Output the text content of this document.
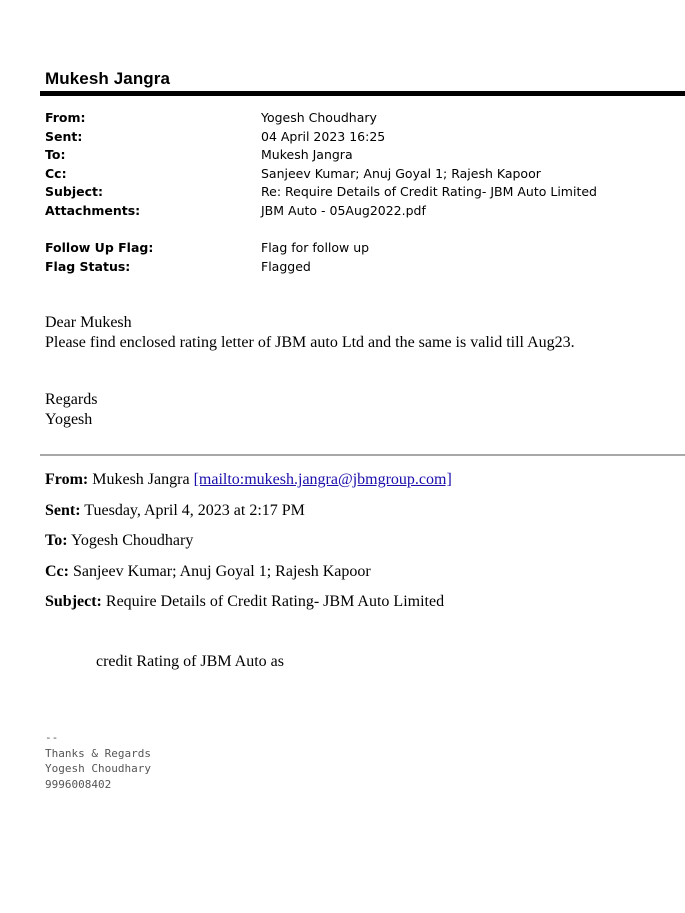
Mukesh Jangra
From:	Yogesh Choudhary
Sent:	04 April 2023 16:25
To:	Mukesh Jangra
Cc:	Sanjeev Kumar; Anuj Goyal 1; Rajesh Kapoor
Subject:	Re: Require Details of Credit Rating- JBM Auto Limited
Attachments:	JBM Auto - 05Aug2022.pdf
Follow Up Flag:	Flag for follow up
Flag Status:	Flagged
Dear Mukesh
Please find enclosed rating letter of JBM auto Ltd and the same is valid till Aug23.
Regards
Yogesh
From: Mukesh Jangra [mailto:mukesh.jangra@jbmgroup.com]
Sent: Tuesday, April 4, 2023 at 2:17 PM
To: Yogesh Choudhary
Cc: Sanjeev Kumar; Anuj Goyal 1; Rajesh Kapoor
Subject: Require Details of Credit Rating- JBM Auto Limited
credit Rating of JBM Auto as
--
Thanks & Regards
Yogesh Choudhary
9996008402
